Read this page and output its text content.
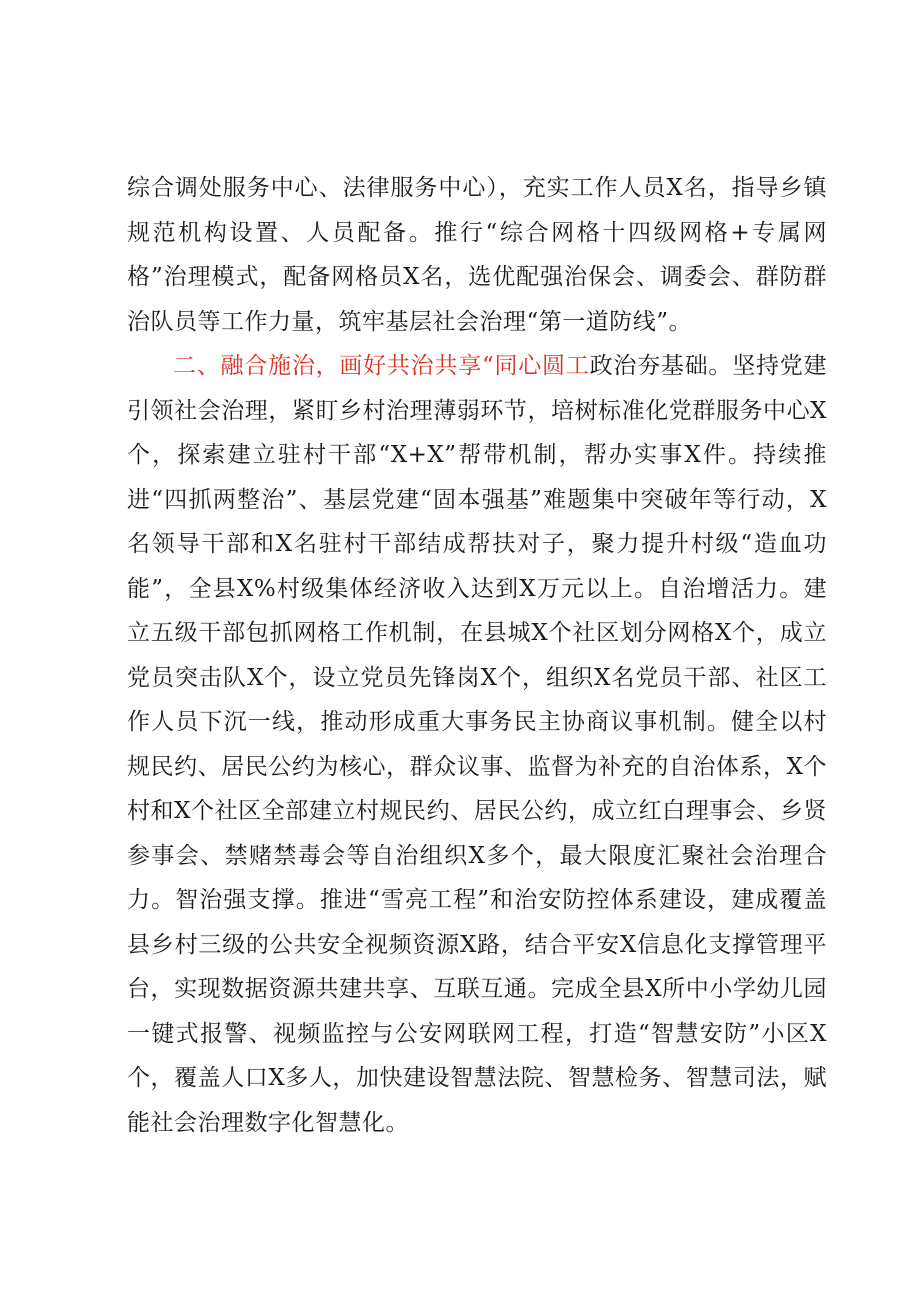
综合调处服务中心、法律服务中心），充实工作人员X名，指导乡镇规范机构设置、人员配备。推行“综合网格十四级网格+专属网格”治理模式，配备网格员X名，选优配强治保会、调委会、群防群治队员等工作力量，筑牢基层社会治理“第一道防线”。

二、融合施治，画好共治共享“同心圆工政治夯基础。坚持党建引领社会治理，紧盯乡村治理薄弱环节，培树标准化党群服务中心X个，探索建立驻村干部“X+X”帮带机制，帮办实事X件。持续推进“四抓两整治”、基层党建“固本强基”难题集中突破年等行动，X名领导干部和X名驻村干部结成帮扶对子，聚力提升村级“造血功能”，全县X%村级集体经济收入达到X万元以上。自治增活力。建立五级干部包抓网格工作机制，在县城X个社区划分网格X个，成立党员突击队X个，设立党员先锋岗X个，组织X名党员干部、社区工作人员下沉一线，推动形成重大事务民主协商议事机制。健全以村规民约、居民公约为核心，群众议事、监督为补充的自治体系，X个村和X个社区全部建立村规民约、居民公约，成立红白理事会、乡贤参事会、禁赌禁毒会等自治组织X多个，最大限度汇聚社会治理合力。智治强支撑。推进“雪亮工程”和治安防控体系建设，建成覆盖县乡村三级的公共安全视频资源X路，结合平安X信息化支撑管理平台，实现数据资源共建共享、互联互通。完成全县X所中小学幼儿园一键式报警、视频监控与公安网联网工程，打造“智慧安防”小区X个，覆盖人口X多人，加快建设智慧法院、智慧检务、智慧司法，赋能社会治理数字化智慧化。
